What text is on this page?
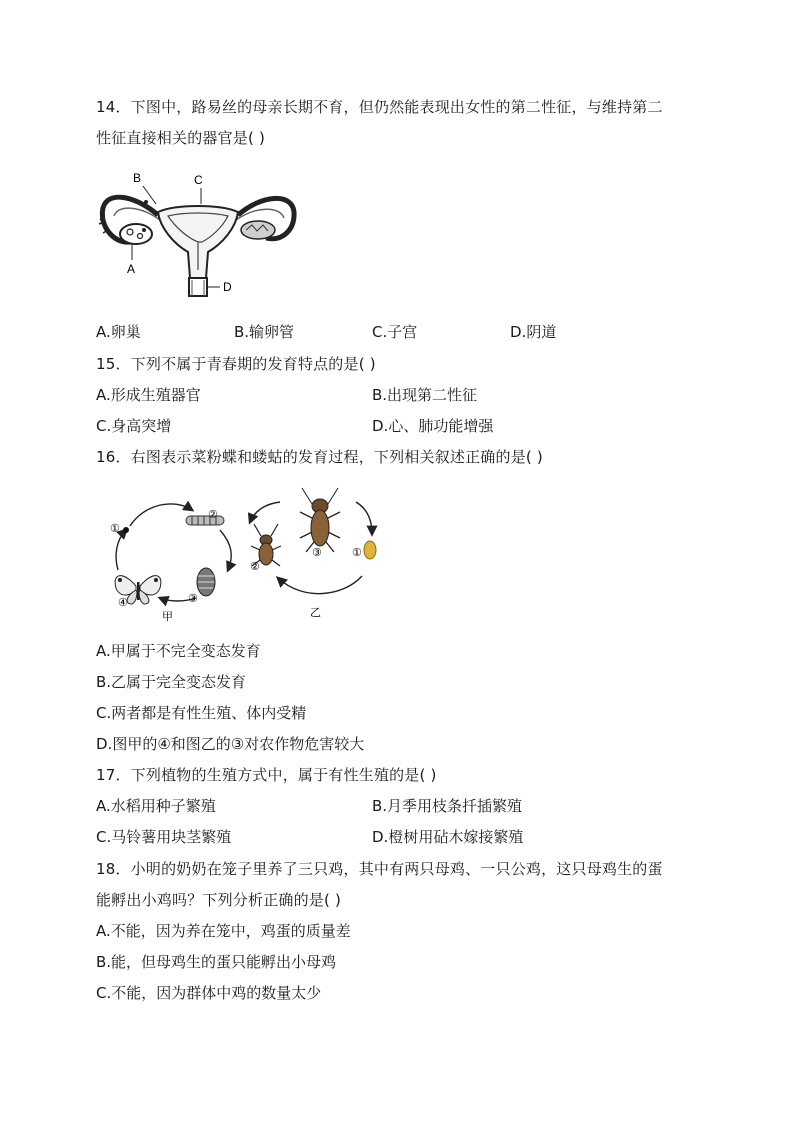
14．下图中，路易丝的母亲长期不育，但仍然能表现出女性的第二性征，与维持第二
性征直接相关的器官是( )
B	C
A
D
A.卵巢	B.输卵管	C.子宫	D.阴道
15．下列不属于青春期的发育特点的是( )
A.形成生殖器官	B.出现第二性征
C.身高突增	D.心、肺功能增强
16．右图表示菜粉蝶和蝼蛄的发育过程，下列相关叙述正确的是( )
①
②
③
④
甲
③
②
①
乙
A.甲属于不完全变态发育
B.乙属于完全变态发育
C.两者都是有性生殖、体内受精
D.图甲的④和图乙的③对农作物危害较大
17．下列植物的生殖方式中，属于有性生殖的是( )
A.水稻用种子繁殖	B.月季用枝条扦插繁殖
C.马铃薯用块茎繁殖	D.橙树用砧木嫁接繁殖
18．小明的奶奶在笼子里养了三只鸡，其中有两只母鸡、一只公鸡，这只母鸡生的蛋
能孵出小鸡吗？下列分析正确的是( )
A.不能，因为养在笼中，鸡蛋的质量差
B.能，但母鸡生的蛋只能孵出小母鸡
C.不能，因为群体中鸡的数量太少
